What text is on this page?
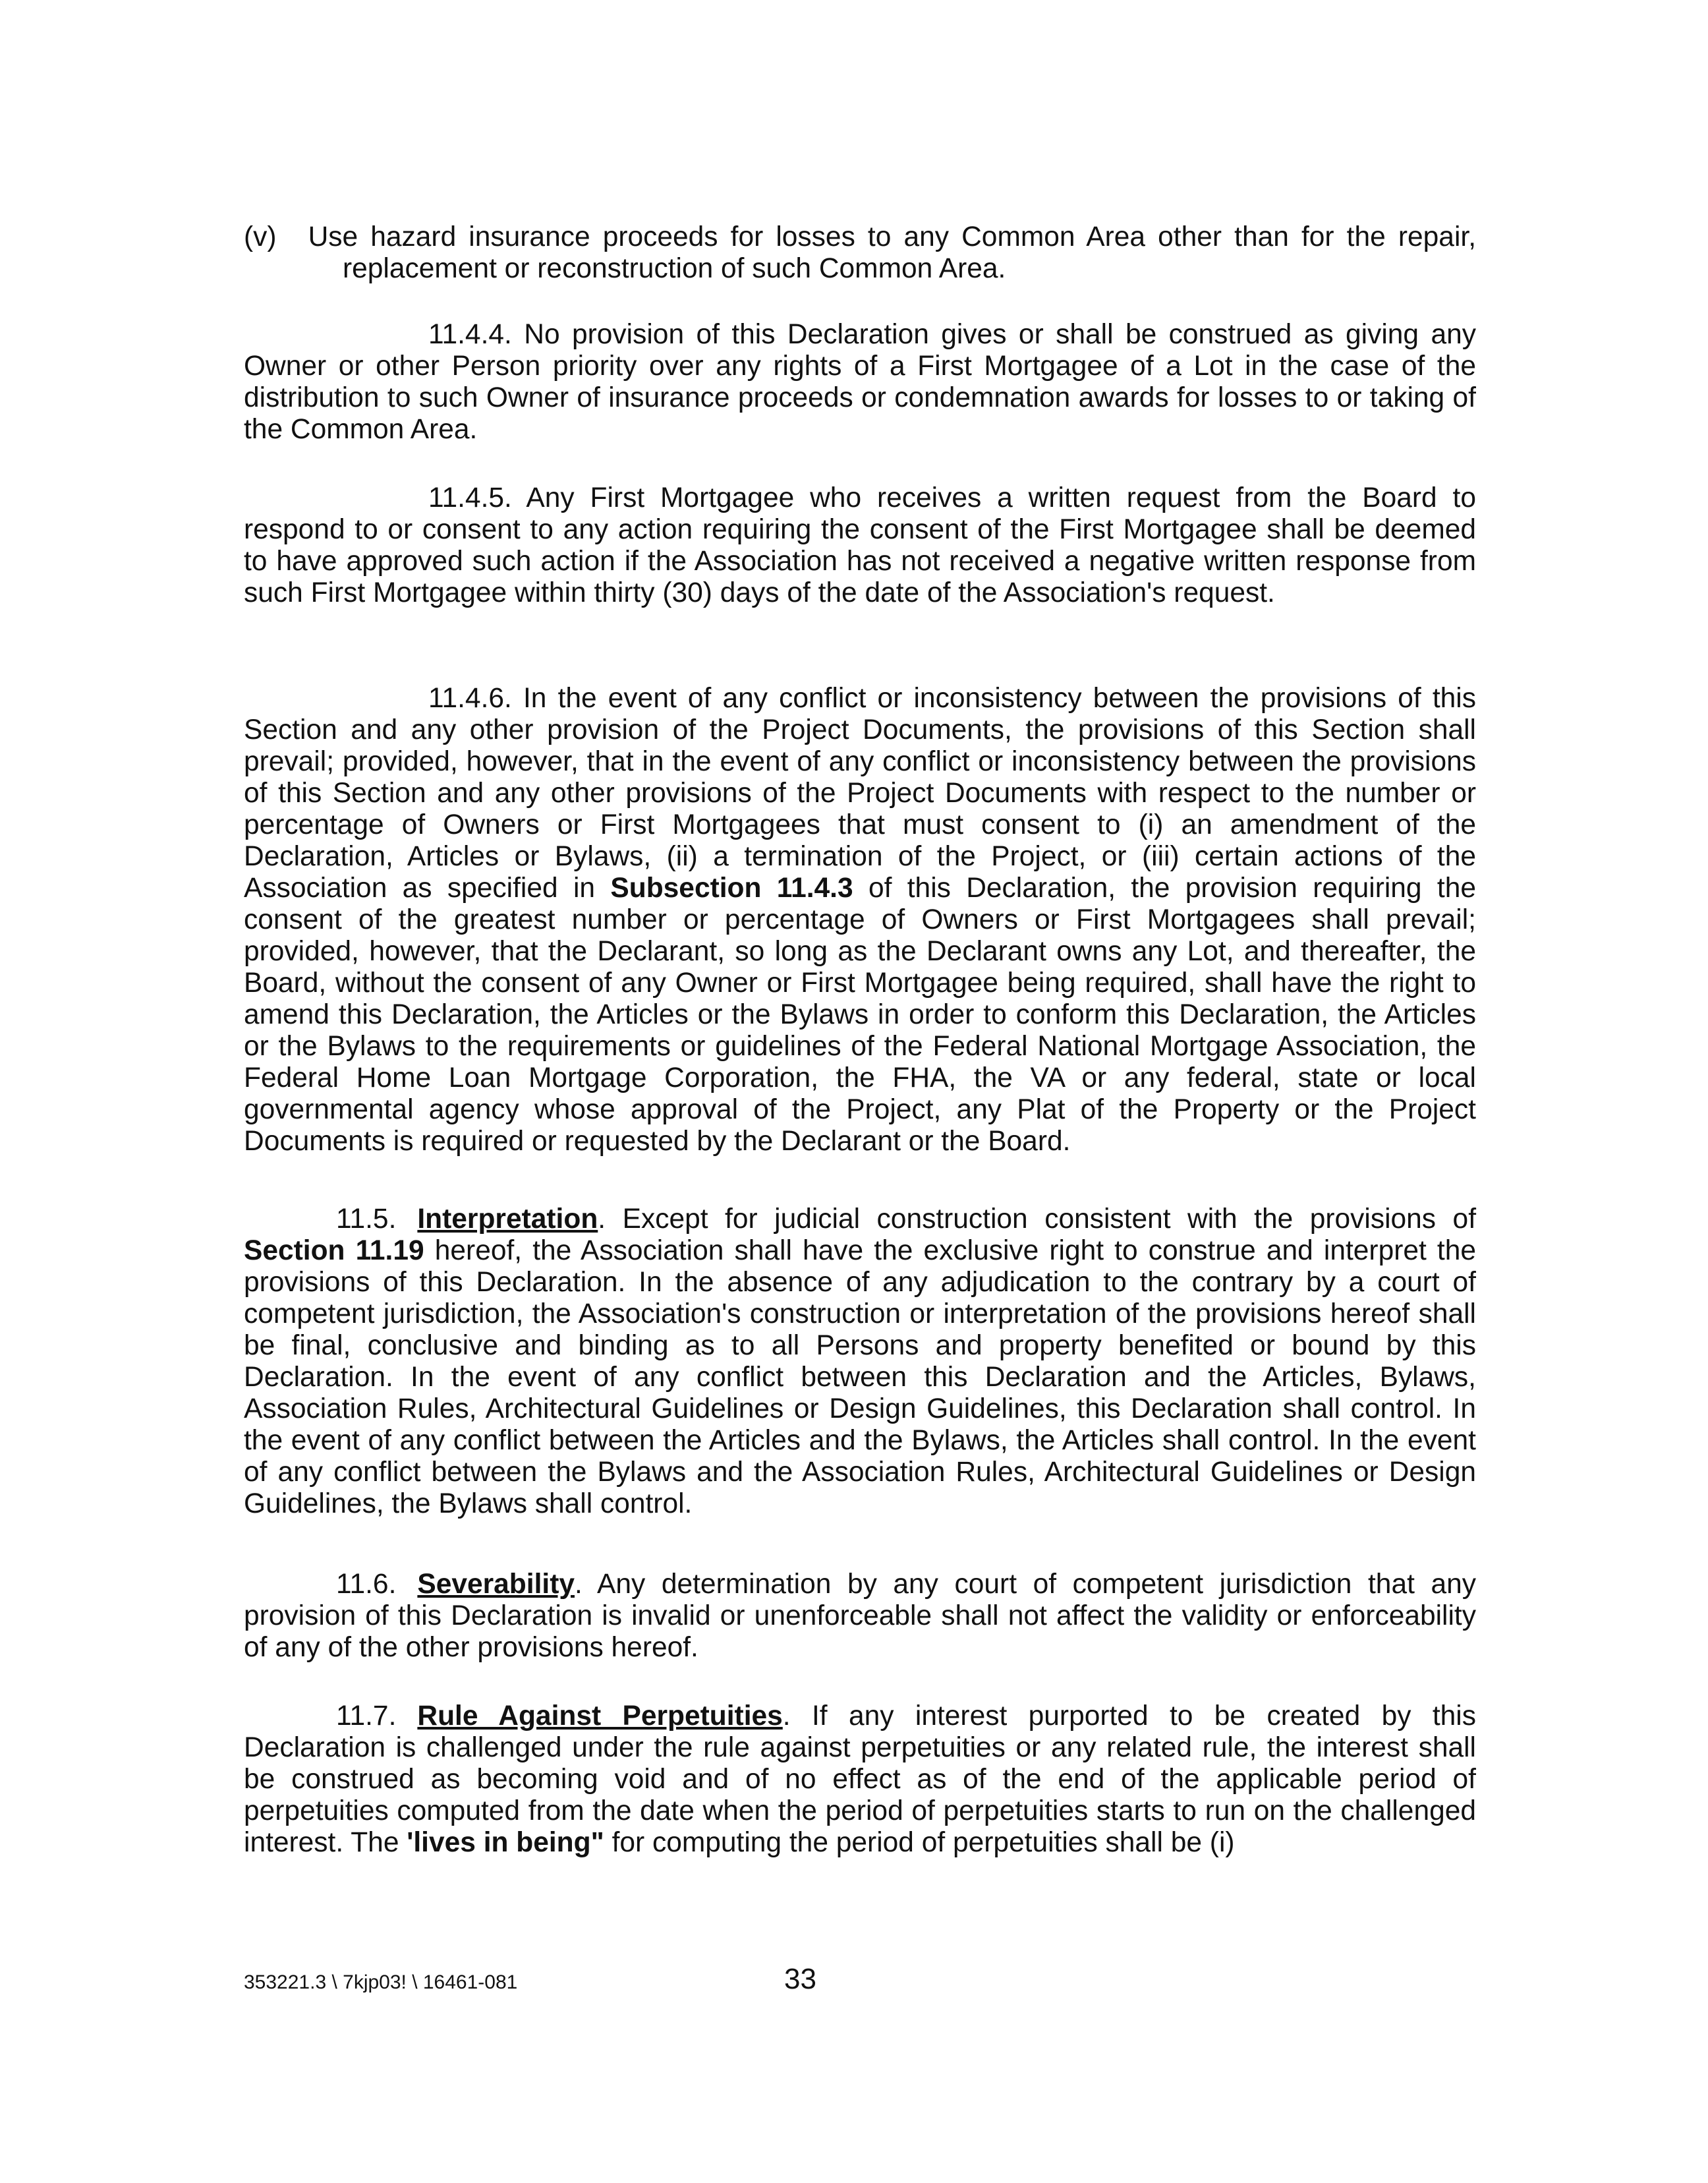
(v) Use hazard insurance proceeds for losses to any Common Area other than for the repair, replacement or reconstruction of such Common Area.

11.4.4. No provision of this Declaration gives or shall be construed as giving any Owner or other Person priority over any rights of a First Mortgagee of a Lot in the case of the distribution to such Owner of insurance proceeds or condemnation awards for losses to or taking of the Common Area.

11.4.5. Any First Mortgagee who receives a written request from the Board to respond to or consent to any action requiring the consent of the First Mortgagee shall be deemed to have approved such action if the Association has not received a negative written response from such First Mortgagee within thirty (30) days of the date of the Association's request.

11.4.6. In the event of any conflict or inconsistency between the provisions of this Section and any other provision of the Project Documents, the provisions of this Section shall prevail; provided, however, that in the event of any conflict or inconsistency between the provisions of this Section and any other provisions of the Project Documents with respect to the number or percentage of Owners or First Mortgagees that must consent to (i) an amendment of the Declaration, Articles or Bylaws, (ii) a termination of the Project, or (iii) certain actions of the Association as specified in Subsection 11.4.3 of this Declaration, the provision requiring the consent of the greatest number or percentage of Owners or First Mortgagees shall prevail; provided, however, that the Declarant, so long as the Declarant owns any Lot, and thereafter, the Board, without the consent of any Owner or First Mortgagee being required, shall have the right to amend this Declaration, the Articles or the Bylaws in order to conform this Declaration, the Articles or the Bylaws to the requirements or guidelines of the Federal National Mortgage Association, the Federal Home Loan Mortgage Corporation, the FHA, the VA or any federal, state or local governmental agency whose approval of the Project, any Plat of the Property or the Project Documents is required or requested by the Declarant or the Board.

11.5. Interpretation. Except for judicial construction consistent with the provisions of Section 11.19 hereof, the Association shall have the exclusive right to construe and interpret the provisions of this Declaration. In the absence of any adjudication to the contrary by a court of competent jurisdiction, the Association's construction or interpretation of the provisions hereof shall be final, conclusive and binding as to all Persons and property benefited or bound by this Declaration. In the event of any conflict between this Declaration and the Articles, Bylaws, Association Rules, Architectural Guidelines or Design Guidelines, this Declaration shall control. In the event of any conflict between the Articles and the Bylaws, the Articles shall control. In the event of any conflict between the Bylaws and the Association Rules, Architectural Guidelines or Design Guidelines, the Bylaws shall control.

11.6. Severability. Any determination by any court of competent jurisdiction that any provision of this Declaration is invalid or unenforceable shall not affect the validity or enforceability of any of the other provisions hereof.

11.7. Rule Against Perpetuities. If any interest purported to be created by this Declaration is challenged under the rule against perpetuities or any related rule, the interest shall be construed as becoming void and of no effect as of the end of the applicable period of perpetuities computed from the date when the period of perpetuities starts to run on the challenged interest. The 'lives in being" for computing the period of perpetuities shall be (i)

353221.3 \ 7kjp03! \ 16461-081	33
